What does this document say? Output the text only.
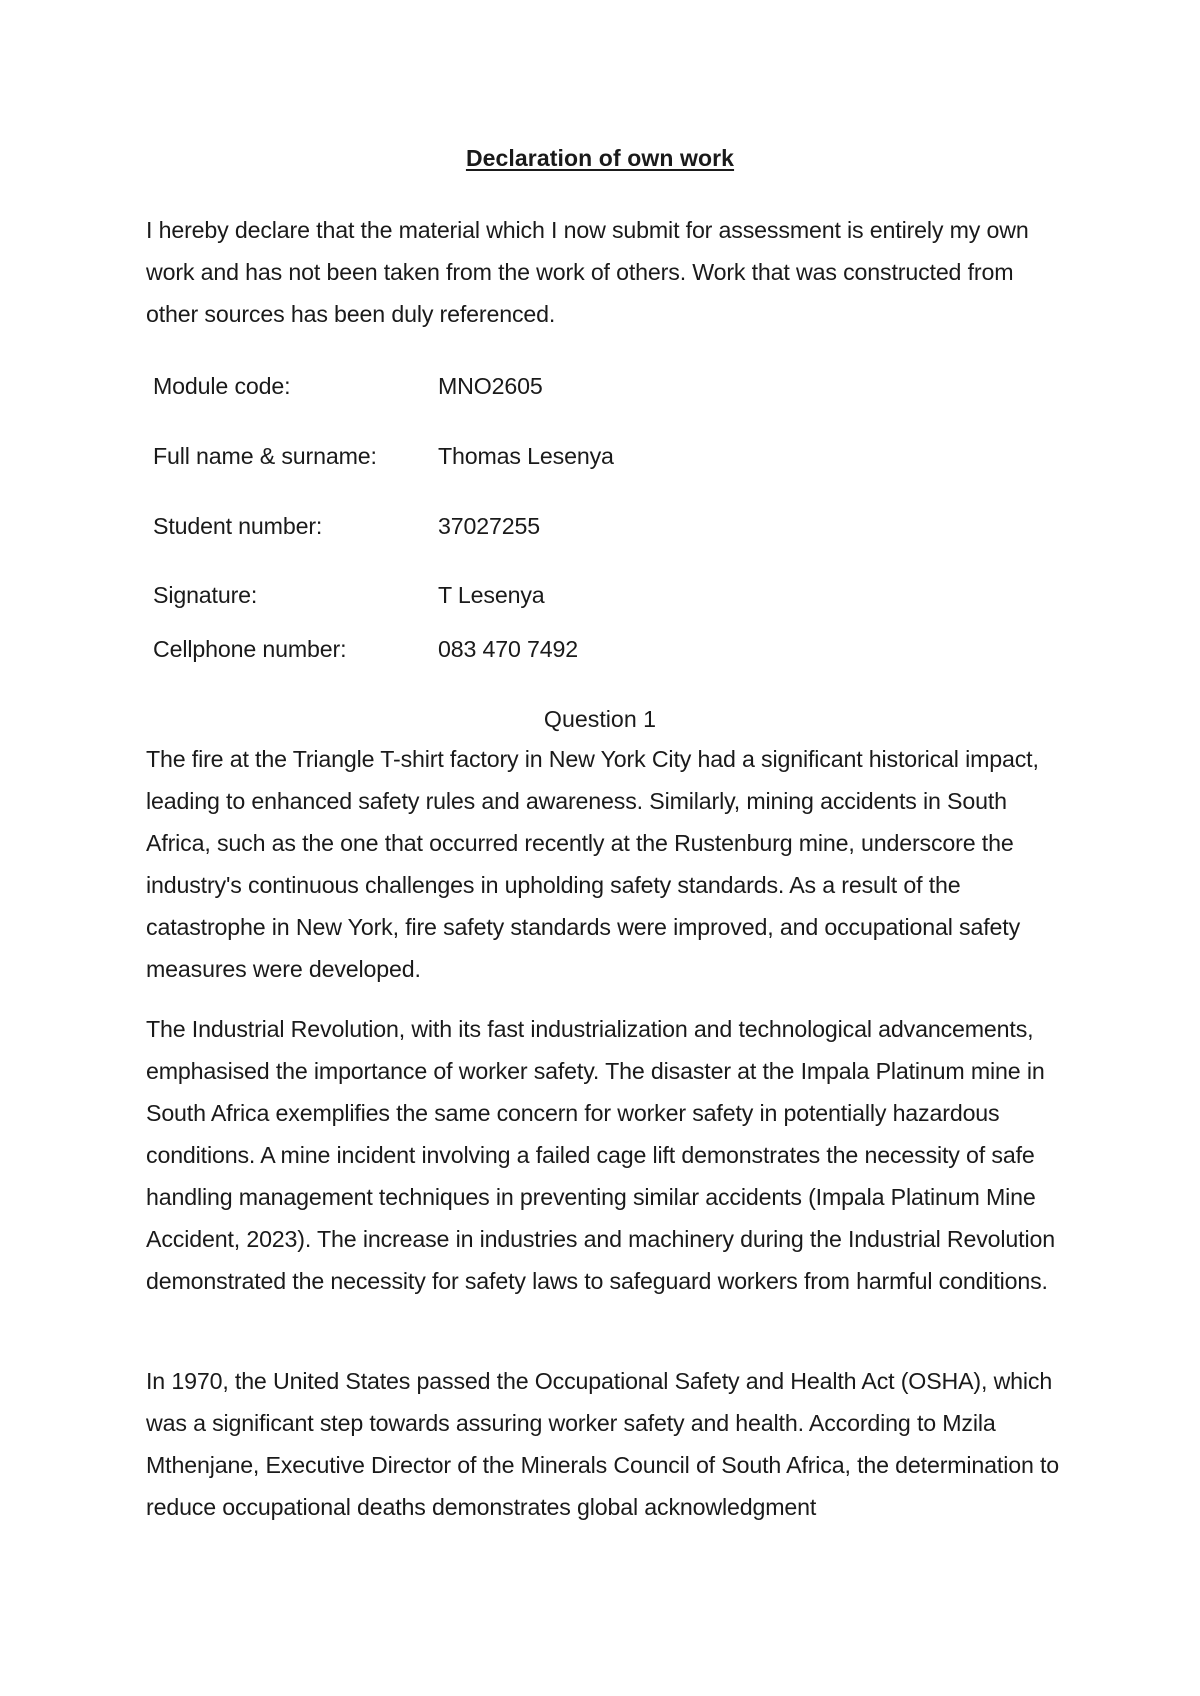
Declaration of own work

I hereby declare that the material which I now submit for assessment is entirely my own work and has not been taken from the work of others. Work that was constructed from other sources has been duly referenced.

Module code:	MNO2605
Full name & surname:	Thomas Lesenya
Student number:	37027255
Signature:	T Lesenya
Cellphone number:	083 470 7492
Question 1

The fire at the Triangle T-shirt factory in New York City had a significant historical impact, leading to enhanced safety rules and awareness. Similarly, mining accidents in South Africa, such as the one that occurred recently at the Rustenburg mine, underscore the industry's continuous challenges in upholding safety standards. As a result of the catastrophe in New York, fire safety standards were improved, and occupational safety measures were developed.

The Industrial Revolution, with its fast industrialization and technological advancements, emphasised the importance of worker safety. The disaster at the Impala Platinum mine in South Africa exemplifies the same concern for worker safety in potentially hazardous conditions. A mine incident involving a failed cage lift demonstrates the necessity of safe handling management techniques in preventing similar accidents (Impala Platinum Mine Accident, 2023). The increase in industries and machinery during the Industrial Revolution demonstrated the necessity for safety laws to safeguard workers from harmful conditions.

In 1970, the United States passed the Occupational Safety and Health Act (OSHA), which was a significant step towards assuring worker safety and health. According to Mzila Mthenjane, Executive Director of the Minerals Council of South Africa, the determination to reduce occupational deaths demonstrates global acknowledgment
